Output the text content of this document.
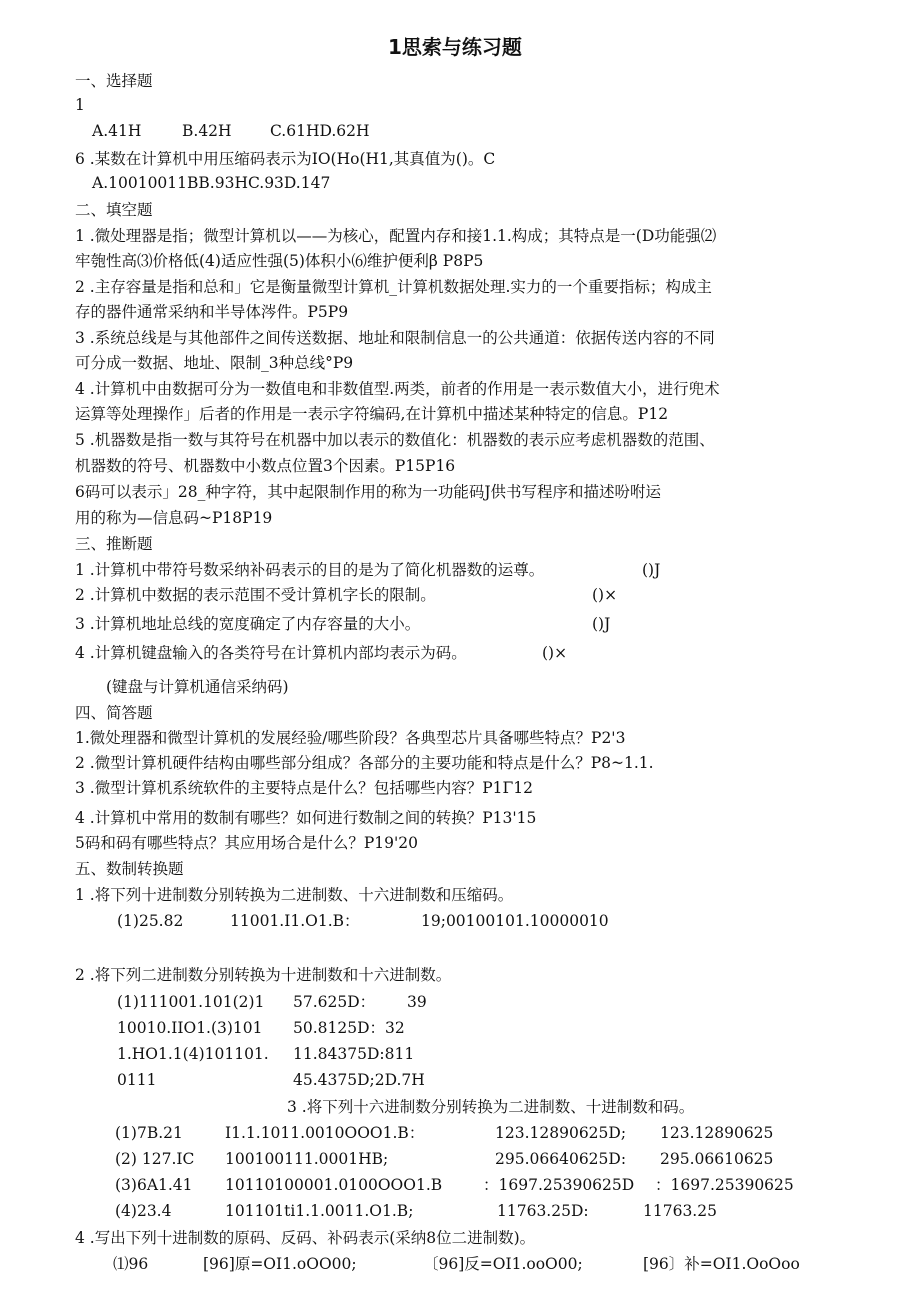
1思索与练习题
一、选择题
1
A.41H	B.42H C.61HD.62H
6 .某数在计算机中用压缩码表示为IO(Ho(H1,其真值为()。C
A.10010011BB.93HC.93D.147
二、填空题
1 .微处理器是指；微型计算机以——为核心，配置内存和接1.1.构成；其特点是一(D功能强⑵
牢匏性高⑶价格低(4)适应性强(5)体积小⑹维护便利β P8P5
2 .主存容量是指和总和」它是衡量微型计算机_计算机数据处理.实力的一个重要指标；构成主
存的器件通常采纳和半导体涔件。P5P9
3 .系统总线是与其他部件之间传送数据、地址和限制信息一的公共通道：依据传送内容的不同
可分成一数据、地址、限制_3种总线°P9
4 .计算机中由数据可分为一数值电和非数值型.两类，前者的作用是一表示数值大小，进行兜术
运算等处理操作」后者的作用是一表示字符编码,在计算机中描述某种特定的信息。P12
5 .机器数是指一数与其符号在机器中加以表示的数值化：机器数的表示应考虑机器数的范围、
机器数的符号、机器数中小数点位置3个因素。P15P16
6码可以表示」28_种字符，其中起限制作用的称为一功能码J供书写程序和描述吩咐运
用的称为—信息码~P18P19
三、推断题
1 .计算机中带符号数采纳补码表示的目的是为了简化机器数的运尊。	()J
2 .计算机中数据的表示范围不受计算机字长的限制。	()×
3 .计算机地址总线的宽度确定了内存容量的大小。	()J
4 .计算机键盘输入的各类符号在计算机内部均表示为码。	()×
(键盘与计算机通信采纳码)
四、简答题
1.微处理器和微型计算机的发展经验/哪些阶段？各典型芯片具备哪些特点？P2'3
2 .微型计算机硬件结构由哪些部分组成？各部分的主要功能和特点是什么？P8~1.1.
3 .微型计算机系统软件的主要特点是什么？包括哪些内容？P1Γ12
4 .计算机中常用的数制有哪些？如何进行数制之间的转换？P13'15
5码和码有哪些特点？其应用场合是什么？P19'20
五、数制转换题
1 .将下列十进制数分别转换为二进制数、十六进制数和压缩码。
(1)25.82	11001.I1.O1.B：	19;00100101.10000010
2 .将下列二进制数分别转换为十进制数和十六进制数。
(1)111001.101(2)1 57.625D： 39
10010.IIO1.(3)101 50.8125D：32
1.HO1.1(4)101101. 11.84375D:811
0111	45.4375D;2D.7H
3 .将下列十六进制数分别转换为二进制数、十进制数和码。
(1)7B.21	I1.1.1011.0010OOO1.B：	123.12890625D; 123.12890625
(2) 127.IC 100100111.0001HB;	295.06640625D: 295.06610625
(3)6A1.41 10110100001.0100OOO1.B	：1697.25390625D ：1697.25390625
(4)23.4	101101ti1.1.0011.O1.B;	11763.25D:	11763.25
4 .写出下列十进制数的原码、反码、补码表示(采纳8位二进制数)。
⑴96	[96]原=OI1.oOO00;	〔96]反=OI1.ooO00;	[96〕补=OI1.OoOoo
